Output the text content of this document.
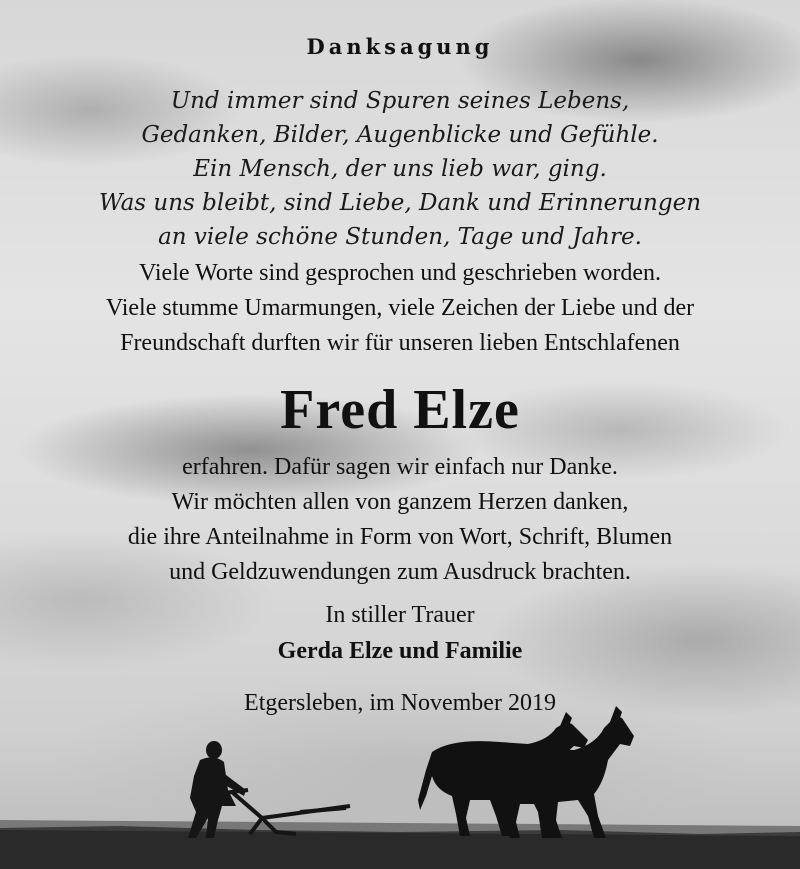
Danksagung
Und immer sind Spuren seines Lebens,
Gedanken, Bilder, Augenblicke und Gefühle.
Ein Mensch, der uns lieb war, ging.
Was uns bleibt, sind Liebe, Dank und Erinnerungen
an viele schöne Stunden, Tage und Jahre.
Viele Worte sind gesprochen und geschrieben worden.
Viele stumme Umarmungen, viele Zeichen der Liebe und der
Freundschaft durften wir für unseren lieben Entschlafenen
Fred Elze
erfahren. Dafür sagen wir einfach nur Danke.
Wir möchten allen von ganzem Herzen danken,
die ihre Anteilnahme in Form von Wort, Schrift, Blumen
und Geldzuwendungen zum Ausdruck brachten.
In stiller Trauer
Gerda Elze und Familie
Etgersleben, im November 2019
